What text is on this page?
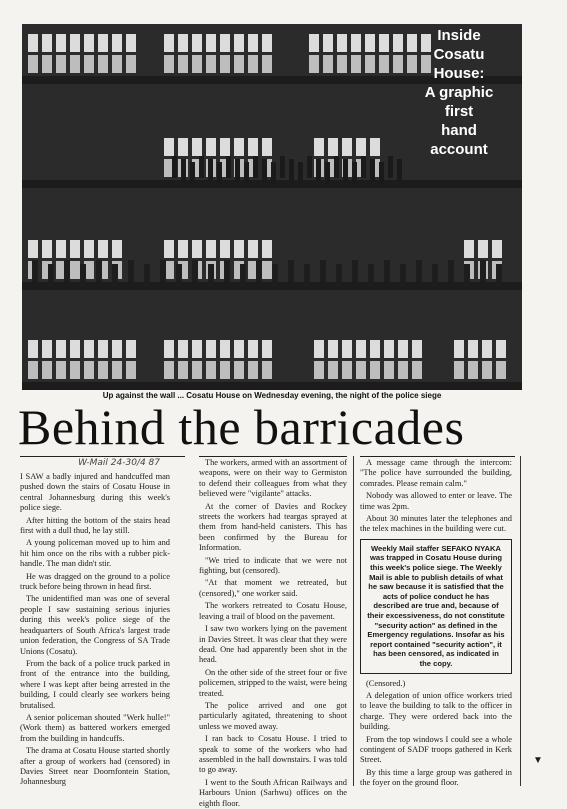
Inside
Cosatu
House:
A graphic
first
hand
account
Up against the wall ... Cosatu House on Wednesday evening, the night of the police siege
Behind the barricades
W-Mail 24-30/4 87

I SAW a badly injured and handcuffed man pushed down the stairs of Cosatu House in central Johannesburg during this week's police siege.

After hitting the bottom of the stairs head first with a dull thud, he lay still.

A young policeman moved up to him and hit him once on the ribs with a rubber pick-handle. The man didn't stir.

He was dragged on the ground to a police truck before being thrown in head first.

The unidentified man was one of several people I saw sustaining serious injuries during this week's police siege of the headquarters of South Africa's largest trade union federation, the Congress of SA Trade Unions (Cosatu).

From the back of a police truck parked in front of the entrance into the building, where I was kept after being arrested in the building, I could clearly see workers being brutalised.

A senior policeman shouted "Werk hulle!" (Work them) as battered workers emerged from the building in handcuffs.

The drama at Cosatu House started shortly after a group of workers had (censored) in Davies Street near Doornfontein Station, Johannesburg

The workers, armed with an assortment of weapons, were on their way to Germiston to defend their colleagues from what they believed were "vigilante" attacks.

At the corner of Davies and Rockey streets the workers had teargas sprayed at them from hand-held canisters. This has been confirmed by the Bureau for Information.

"We tried to indicate that we were not fighting, but (censored).

"At that moment we retreated, but (censored)," one worker said.

The workers retreated to Cosatu House, leaving a trail of blood on the pavement.

I saw two workers lying on the pavement in Davies Street. It was clear that they were dead. One had apparently been shot in the head.

On the other side of the street four or five policemen, stripped to the waist, were being treated.

The police arrived and one got particularly agitated, threatening to shoot unless we moved away.

I ran back to Cosatu House. I tried to speak to some of the workers who had assembled in the hall downstairs. I was told to go away.

I went to the South African Railways and Harbours Union (Sarhwu) offices on the eighth floor.

A message came through the intercom: "The police have surrounded the building, comrades. Please remain calm."

Nobody was allowed to enter or leave. The time was 2pm.

About 30 minutes later the telephones and the telex machines in the building were cut.

Weekly Mail staffer SEFAKO NYAKA was trapped in Cosatu House during this week's police siege. The Weekly Mail is able to publish details of what he saw because it is satisfied that the acts of police conduct he has described are true and, because of their excessiveness, do not constitute "security action" as defined in the Emergency regulations. Insofar as his report contained "security action", it has been censored, as indicated in the copy.

(Censored.)

A delegation of union office workers tried to leave the building to talk to the officer in charge. They were ordered back into the building.

From the top windows I could see a whole contingent of SADF troops gathered in Kerk Street.

By this time a large group was gathered in the foyer on the ground floor.

▼
